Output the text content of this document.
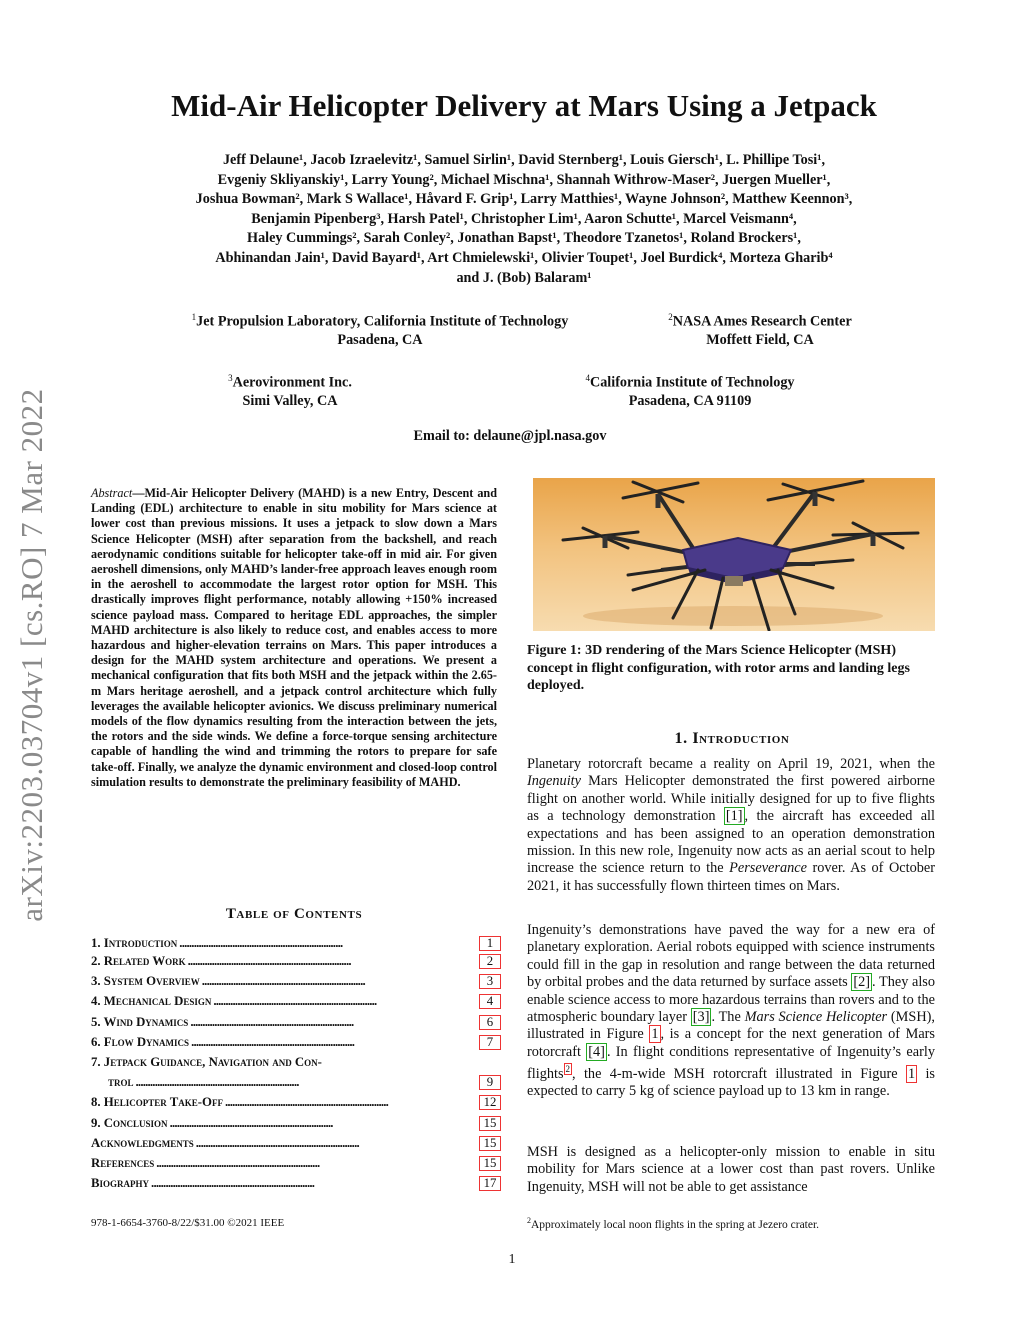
arXiv:2203.03704v1 [cs.RO] 7 Mar 2022
Mid-Air Helicopter Delivery at Mars Using a Jetpack
Jeff Delaune¹, Jacob Izraelevitz¹, Samuel Sirlin¹, David Sternberg¹, Louis Giersch¹, L. Phillipe Tosi¹,
Evgeniy Skliyanskiy¹, Larry Young², Michael Mischna¹, Shannah Withrow-Maser², Juergen Mueller¹,
Joshua Bowman², Mark S Wallace¹, Håvard F. Grip¹, Larry Matthies¹, Wayne Johnson², Matthew Keennon³,
Benjamin Pipenberg³, Harsh Patel¹, Christopher Lim¹, Aaron Schutte¹, Marcel Veismann⁴,
Haley Cummings², Sarah Conley², Jonathan Bapst¹, Theodore Tzanetos¹, Roland Brockers¹,
Abhinandan Jain¹, David Bayard¹, Art Chmielewski¹, Olivier Toupet¹, Joel Burdick⁴, Morteza Gharib⁴
and J. (Bob) Balaram¹
$^1$Jet Propulsion Laboratory, California Institute of Technology
Pasadena, CA
$^2$NASA Ames Research Center
Moffett Field, CA
$^3$Aerovironment Inc.
Simi Valley, CA
$^4$California Institute of Technology
Pasadena, CA 91109
Email to: delaune@jpl.nasa.gov
Abstract—Mid-Air Helicopter Delivery (MAHD) is a new Entry, Descent and Landing (EDL) architecture to enable in situ mobility for Mars science at lower cost than previous missions. It uses a jetpack to slow down a Mars Science Helicopter (MSH) after separation from the backshell, and reach aerodynamic conditions suitable for helicopter take-off in mid air. For given aeroshell dimensions, only MAHD’s lander-free approach leaves enough room in the aeroshell to accommodate the largest rotor option for MSH. This drastically improves flight performance, notably allowing +150% increased science payload mass. Compared to heritage EDL approaches, the simpler MAHD architecture is also likely to reduce cost, and enables access to more hazardous and higher-elevation terrains on Mars. This paper introduces a design for the MAHD system architecture and operations. We present a mechanical configuration that fits both MSH and the jetpack within the 2.65-m Mars heritage aeroshell, and a jetpack control architecture which fully leverages the available helicopter avionics. We discuss preliminary numerical models of the flow dynamics resulting from the interaction between the jets, the rotors and the side winds. We define a force-torque sensing architecture capable of handling the wind and trimming the rotors to prepare for safe take-off. Finally, we analyze the dynamic environment and closed-loop control simulation results to demonstrate the preliminary feasibility of MAHD.
Table of Contents
1. Introduction . . .	1
2. Related Work . . .	2
3. System Overview . . .	3
4. Mechanical Design . . .	4
5. Wind Dynamics . . .	6
6. Flow Dynamics . . .	7
7. Jetpack Guidance, Navigation and Con-
trol . . .	9
8. Helicopter Take-Off . . .	12
9. Conclusion . . .	15
Acknowledgments . . .	15
References . . .	15
Biography . . .	17
978-1-6654-3760-8/22/$31.00 ©2021 IEEE
Figure 1: 3D rendering of the Mars Science Helicopter (MSH) concept in flight configuration, with rotor arms and landing legs deployed.
1. Introduction
Planetary rotorcraft became a reality on April 19, 2021, when the Ingenuity Mars Helicopter demonstrated the first powered airborne flight on another world. While initially designed for up to five flights as a technology demonstration [1] , the aircraft has exceeded all expectations and has been assigned to an operation demonstration mission. In this new role, Ingenuity now acts as an aerial scout to help increase the science return to the Perseverance rover. As of October 2021, it has successfully flown thirteen times on Mars.
Ingenuity’s demonstrations have paved the way for a new era of planetary exploration. Aerial robots equipped with science instruments could fill in the gap in resolution and range between the data returned by orbital probes and the data returned by surface assets [2] . They also enable science access to more hazardous terrains than rovers and to the atmospheric boundary layer [3] . The Mars Science Helicopter (MSH), illustrated in Figure 1 , is a concept for the next generation of Mars rotorcraft [4] . In flight conditions representative of Ingenuity’s early flights $^2$ , the 4-m-wide MSH rotorcraft illustrated in Figure 1 is expected to carry 5 kg of science payload up to 13 km in range.
MSH is designed as a helicopter-only mission to enable in situ mobility for Mars science at a lower cost than past rovers. Unlike Ingenuity, MSH will not be able to get assistance
$^2$Approximately local noon flights in the spring at Jezero crater.
1
